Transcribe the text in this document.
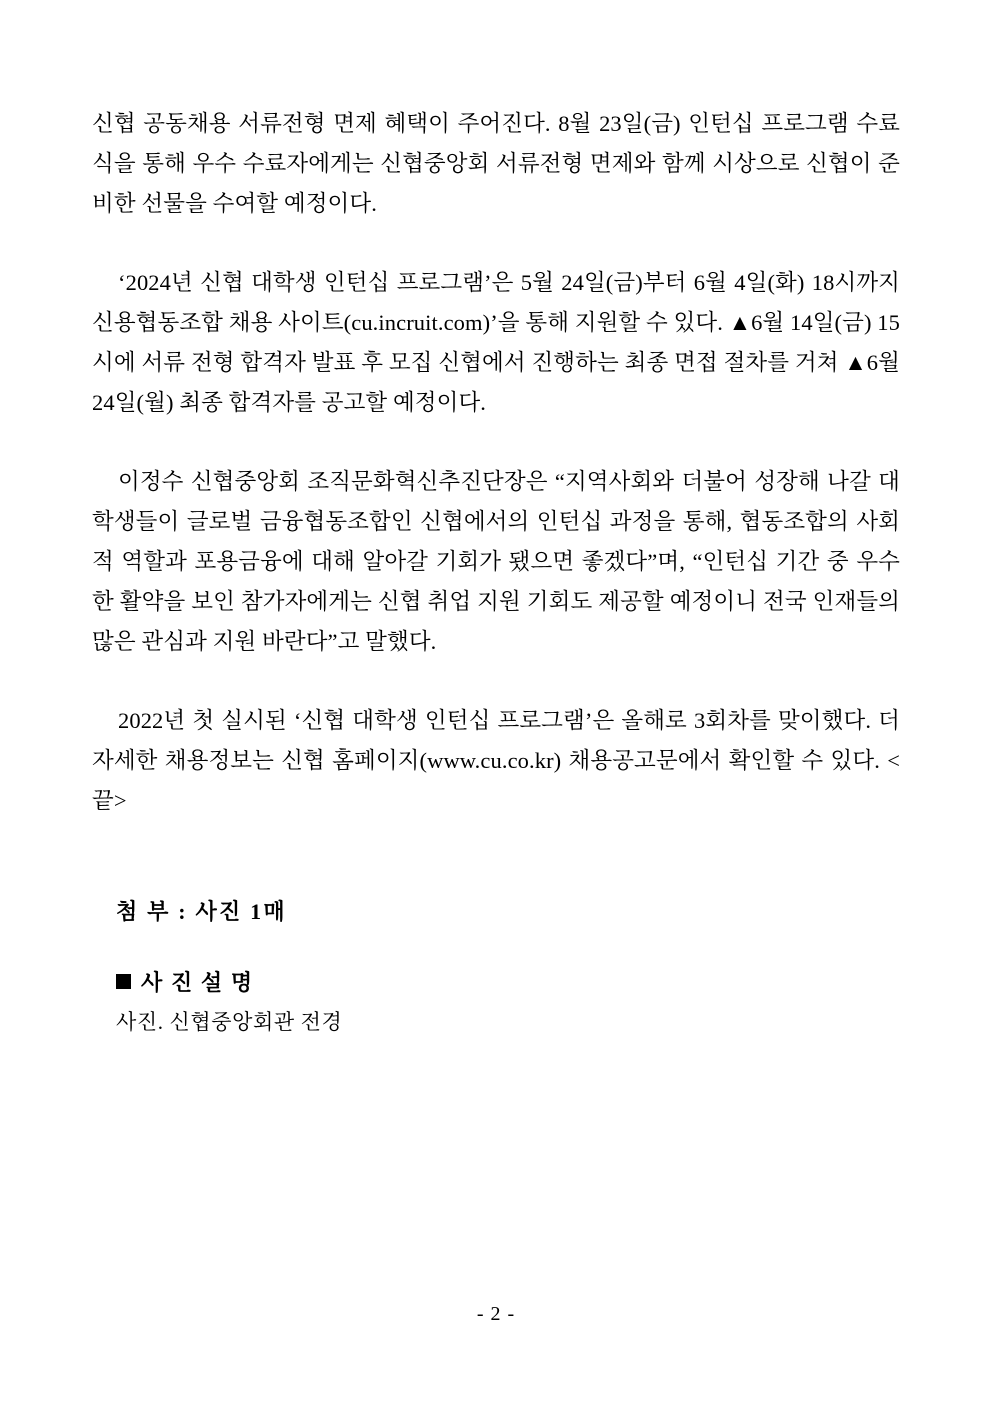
신협 공동채용 서류전형 면제 혜택이 주어진다. 8월 23일(금) 인턴십 프로그램 수료식을 통해 우수 수료자에게는 신협중앙회 서류전형 면제와 함께 시상으로 신협이 준비한 선물을 수여할 예정이다.

‘2024년 신협 대학생 인턴십 프로그램’은 5월 24일(금)부터 6월 4일(화) 18시까지 신용협동조합 채용 사이트(cu.incruit.com)’을 통해 지원할 수 있다. ▲6월 14일(금) 15시에 서류 전형 합격자 발표 후 모집 신협에서 진행하는 최종 면접 절차를 거쳐 ▲6월 24일(월) 최종 합격자를 공고할 예정이다.

이정수 신협중앙회 조직문화혁신추진단장은 “지역사회와 더불어 성장해 나갈 대학생들이 글로벌 금융협동조합인 신협에서의 인턴십 과정을 통해, 협동조합의 사회적 역할과 포용금융에 대해 알아갈 기회가 됐으면 좋겠다”며, “인턴십 기간 중 우수한 활약을 보인 참가자에게는 신협 취업 지원 기회도 제공할 예정이니 전국 인재들의 많은 관심과 지원 바란다”고 말했다.

2022년 첫 실시된 ‘신협 대학생 인턴십 프로그램’은 올해로 3회차를 맞이했다. 더 자세한 채용정보는 신협 홈페이지(www.cu.co.kr) 채용공고문에서 확인할 수 있다. <끝>

첨 부 : 사진 1매
사 진 설 명
사진. 신협중앙회관 전경
- 2 -
